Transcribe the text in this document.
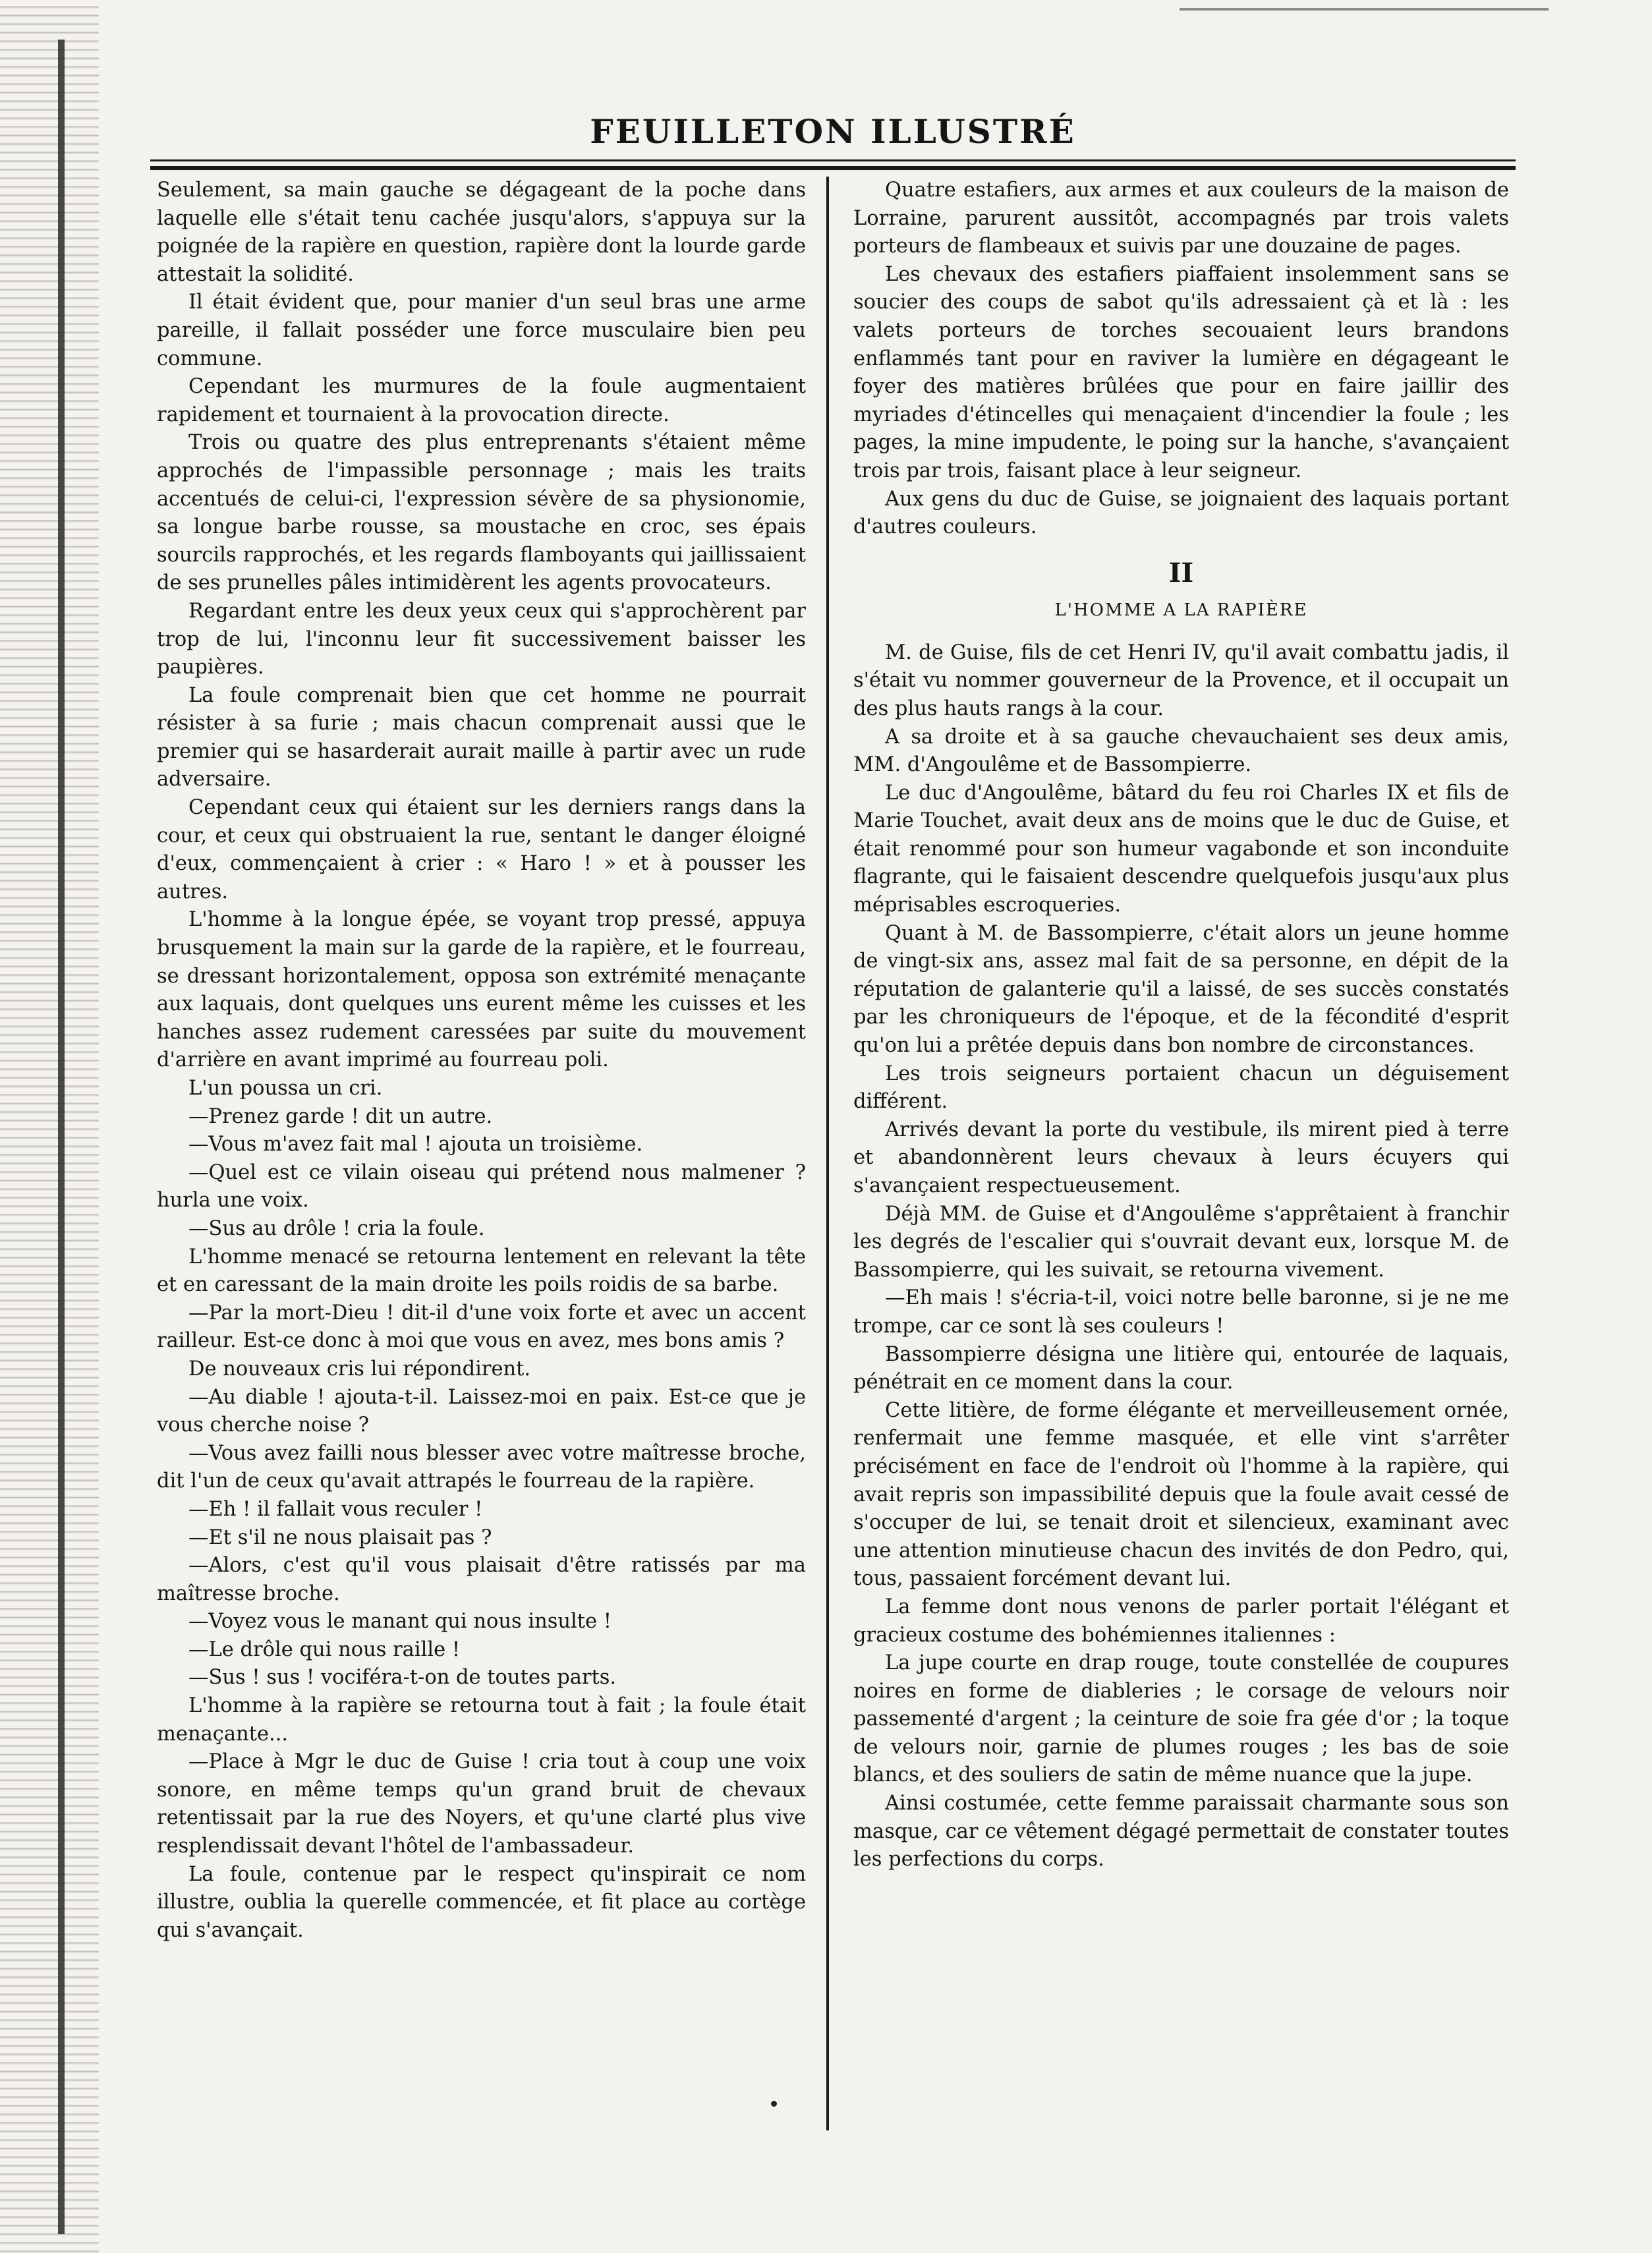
FEUILLETON ILLUSTRÉ

Seulement, sa main gauche se dégageant de la poche dans laquelle elle s'était tenu cachée jusqu'alors, s'appuya sur la poignée de la rapière en question, rapière dont la lourde garde attestait la solidité.

Il était évident que, pour manier d'un seul bras une arme pareille, il fallait posséder une force musculaire bien peu commune.

Cependant les murmures de la foule augmentaient rapidement et tournaient à la provocation directe.

Trois ou quatre des plus entreprenants s'étaient même approchés de l'impassible personnage ; mais les traits accentués de celui-ci, l'expression sévère de sa physionomie, sa longue barbe rousse, sa moustache en croc, ses épais sourcils rapprochés, et les regards flamboyants qui jaillissaient de ses prunelles pâles intimidèrent les agents provocateurs.

Regardant entre les deux yeux ceux qui s'approchèrent par trop de lui, l'inconnu leur fit successivement baisser les paupières.

La foule comprenait bien que cet homme ne pourrait résister à sa furie ; mais chacun comprenait aussi que le premier qui se hasarderait aurait maille à partir avec un rude adversaire.

Cependant ceux qui étaient sur les derniers rangs dans la cour, et ceux qui obstruaient la rue, sentant le danger éloigné d'eux, commençaient à crier : « Haro ! » et à pousser les autres.

L'homme à la longue épée, se voyant trop pressé, appuya brusquement la main sur la garde de la rapière, et le fourreau, se dressant horizontalement, opposa son extrémité menaçante aux laquais, dont quelques uns eurent même les cuisses et les hanches assez rudement caressées par suite du mouvement d'arrière en avant imprimé au fourreau poli.

L'un poussa un cri.

—Prenez garde ! dit un autre.

—Vous m'avez fait mal ! ajouta un troisième.

—Quel est ce vilain oiseau qui prétend nous malmener ? hurla une voix.

—Sus au drôle ! cria la foule.

L'homme menacé se retourna lentement en relevant la tête et en caressant de la main droite les poils roidis de sa barbe.

—Par la mort-Dieu ! dit-il d'une voix forte et avec un accent railleur. Est-ce donc à moi que vous en avez, mes bons amis ?

De nouveaux cris lui répondirent.

—Au diable ! ajouta-t-il. Laissez-moi en paix. Est-ce que je vous cherche noise ?

—Vous avez failli nous blesser avec votre maîtresse broche, dit l'un de ceux qu'avait attrapés le fourreau de la rapière.

—Eh ! il fallait vous reculer !

—Et s'il ne nous plaisait pas ?

—Alors, c'est qu'il vous plaisait d'être ratissés par ma maîtresse broche.

—Voyez vous le manant qui nous insulte !

—Le drôle qui nous raille !

—Sus ! sus ! vociféra-t-on de toutes parts.

L'homme à la rapière se retourna tout à fait ; la foule était menaçante...

—Place à Mgr le duc de Guise ! cria tout à coup une voix sonore, en même temps qu'un grand bruit de chevaux retentissait par la rue des Noyers, et qu'une clarté plus vive resplendissait devant l'hôtel de l'ambassadeur.

La foule, contenue par le respect qu'inspirait ce nom illustre, oublia la querelle commencée, et fit place au cortège qui s'avançait.

Quatre estafiers, aux armes et aux couleurs de la maison de Lorraine, parurent aussitôt, accompagnés par trois valets porteurs de flambeaux et suivis par une douzaine de pages.

Les chevaux des estafiers piaffaient insolemment sans se soucier des coups de sabot qu'ils adressaient çà et là : les valets porteurs de torches secouaient leurs brandons enflammés tant pour en raviver la lumière en dégageant le foyer des matières brûlées que pour en faire jaillir des myriades d'étincelles qui menaçaient d'incendier la foule ; les pages, la mine impudente, le poing sur la hanche, s'avançaient trois par trois, faisant place à leur seigneur.

Aux gens du duc de Guise, se joignaient des laquais portant d'autres couleurs.

II
L'HOMME A LA RAPIÈRE

M. de Guise, fils de cet Henri IV, qu'il avait combattu jadis, il s'était vu nommer gouverneur de la Provence, et il occupait un des plus hauts rangs à la cour.

A sa droite et à sa gauche chevauchaient ses deux amis, MM. d'Angoulême et de Bassompierre.

Le duc d'Angoulême, bâtard du feu roi Charles IX et fils de Marie Touchet, avait deux ans de moins que le duc de Guise, et était renommé pour son humeur vagabonde et son inconduite flagrante, qui le faisaient descendre quelquefois jusqu'aux plus méprisables escroqueries.

Quant à M. de Bassompierre, c'était alors un jeune homme de vingt-six ans, assez mal fait de sa personne, en dépit de la réputation de galanterie qu'il a laissé, de ses succès constatés par les chroniqueurs de l'époque, et de la fécondité d'esprit qu'on lui a prêtée depuis dans bon nombre de circonstances.

Les trois seigneurs portaient chacun un déguisement différent.

Arrivés devant la porte du vestibule, ils mirent pied à terre et abandonnèrent leurs chevaux à leurs écuyers qui s'avançaient respectueusement.

Déjà MM. de Guise et d'Angoulême s'apprêtaient à franchir les degrés de l'escalier qui s'ouvrait devant eux, lorsque M. de Bassompierre, qui les suivait, se retourna vivement.

—Eh mais ! s'écria-t-il, voici notre belle baronne, si je ne me trompe, car ce sont là ses couleurs !

Bassompierre désigna une litière qui, entourée de laquais, pénétrait en ce moment dans la cour.

Cette litière, de forme élégante et merveilleusement ornée, renfermait une femme masquée, et elle vint s'arrêter précisément en face de l'endroit où l'homme à la rapière, qui avait repris son impassibilité depuis que la foule avait cessé de s'occuper de lui, se tenait droit et silencieux, examinant avec une attention minutieuse chacun des invités de don Pedro, qui, tous, passaient forcément devant lui.

La femme dont nous venons de parler portait l'élégant et gracieux costume des bohémiennes italiennes :

La jupe courte en drap rouge, toute constellée de coupures noires en forme de diableries ; le corsage de velours noir passementé d'argent ; la ceinture de soie fra gée d'or ; la toque de velours noir, garnie de plumes rouges ; les bas de soie blancs, et des souliers de satin de même nuance que la jupe.

Ainsi costumée, cette femme paraissait charmante sous son masque, car ce vêtement dégagé permettait de constater toutes les perfections du corps.
